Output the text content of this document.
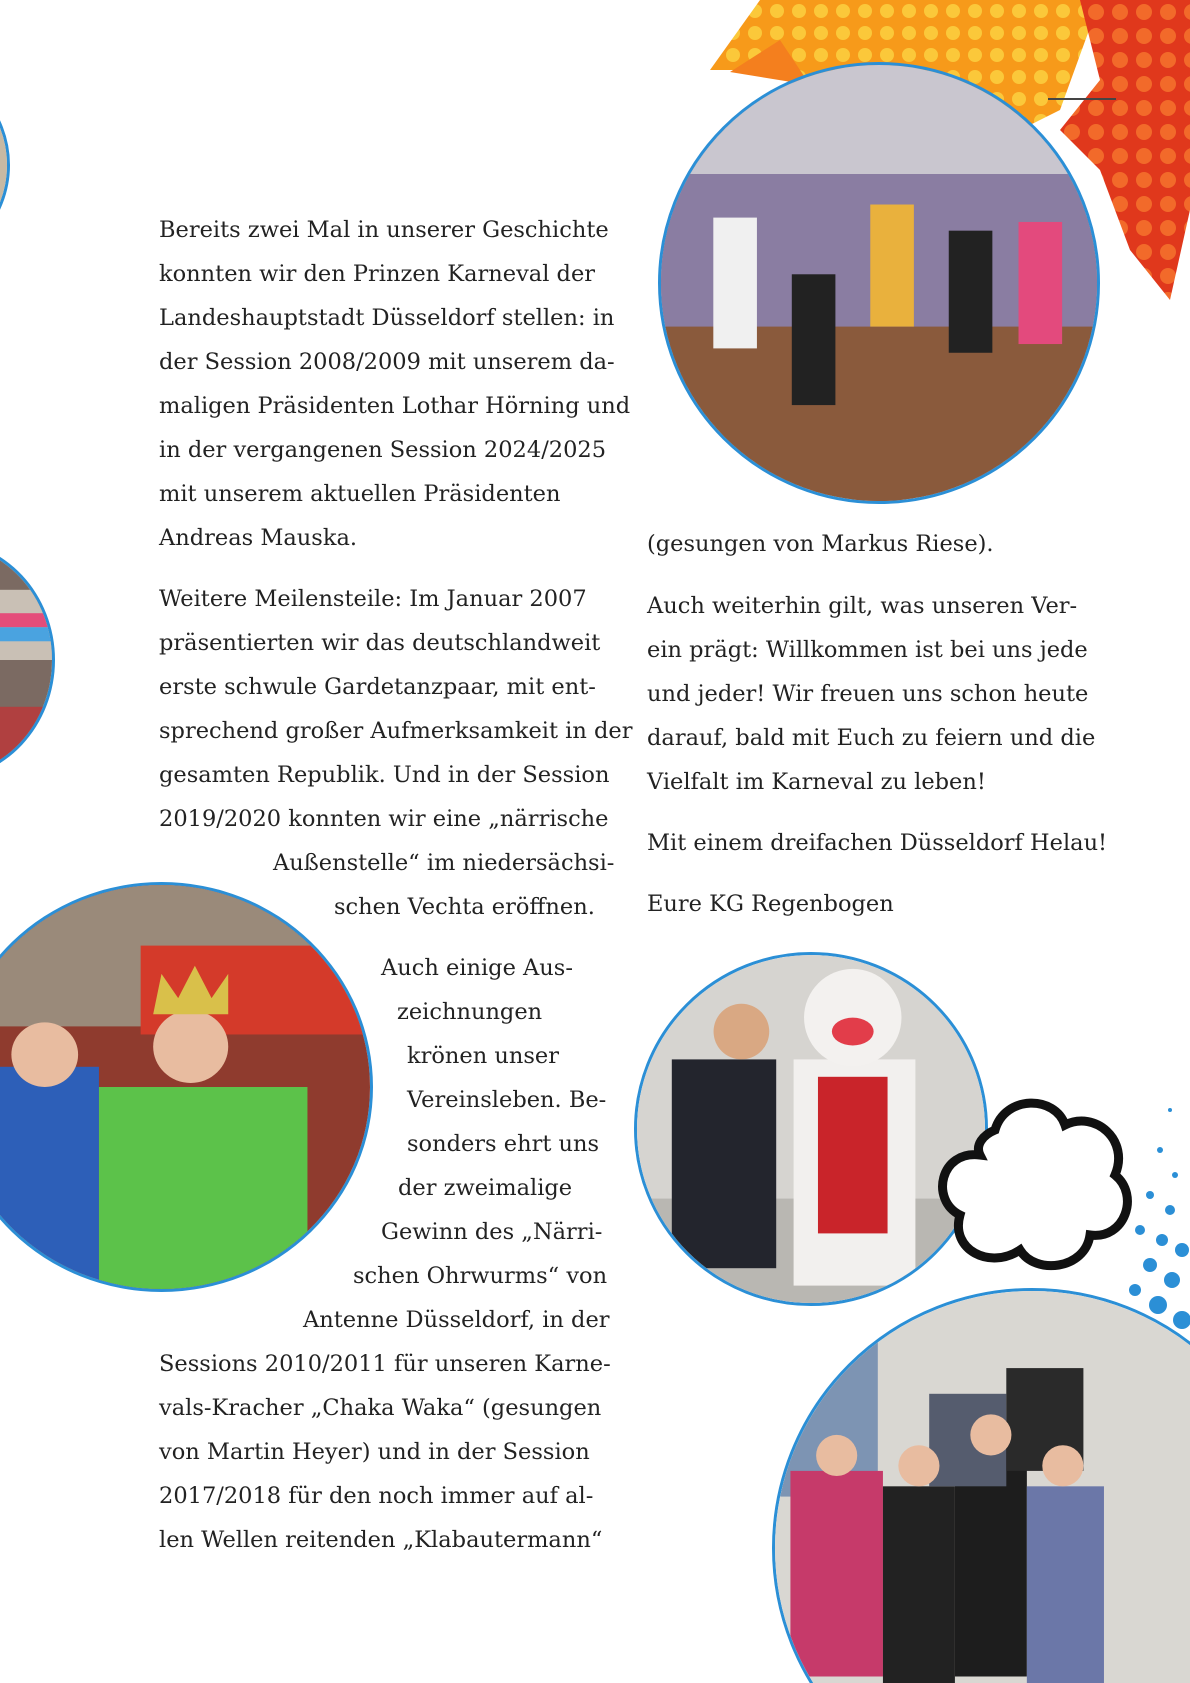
Bereits zwei Mal in unserer Geschichte
konnten wir den Prinzen Karneval der
Landeshauptstadt Düsseldorf stellen: in
der Session 2008/2009 mit unserem da-
maligen Präsidenten Lothar Hörning und
in der vergangenen Session 2024/2025
mit unserem aktuellen Präsidenten
Andreas Mauska.
Weitere Meilensteile: Im Januar 2007
präsentierten wir das deutschlandweit
erste schwule Gardetanzpaar, mit ent-
sprechend großer Aufmerksamkeit in der
gesamten Republik. Und in der Session
2019/2020 konnten wir eine „närrische
Außenstelle“ im niedersächsi-
schen Vechta eröffnen.
Auch einige Aus-
zeichnungen
krönen unser
Vereinsleben. Be-
sonders ehrt uns
der zweimalige
Gewinn des „Närri-
schen Ohrwurms“ von
Antenne Düsseldorf, in der
Sessions 2010/2011 für unseren Karne-
vals-Kracher „Chaka Waka“ (gesungen
von Martin Heyer) und in der Session
2017/2018 für den noch immer auf al-
len Wellen reitenden „Klabautermann“
(gesungen von Markus Riese).
Auch weiterhin gilt, was unseren Ver-
ein prägt: Willkommen ist bei uns jede
und jeder! Wir freuen uns schon heute
darauf, bald mit Euch zu feiern und die
Vielfalt im Karneval zu leben!
Mit einem dreifachen Düsseldorf Helau!
Eure KG Regenbogen
